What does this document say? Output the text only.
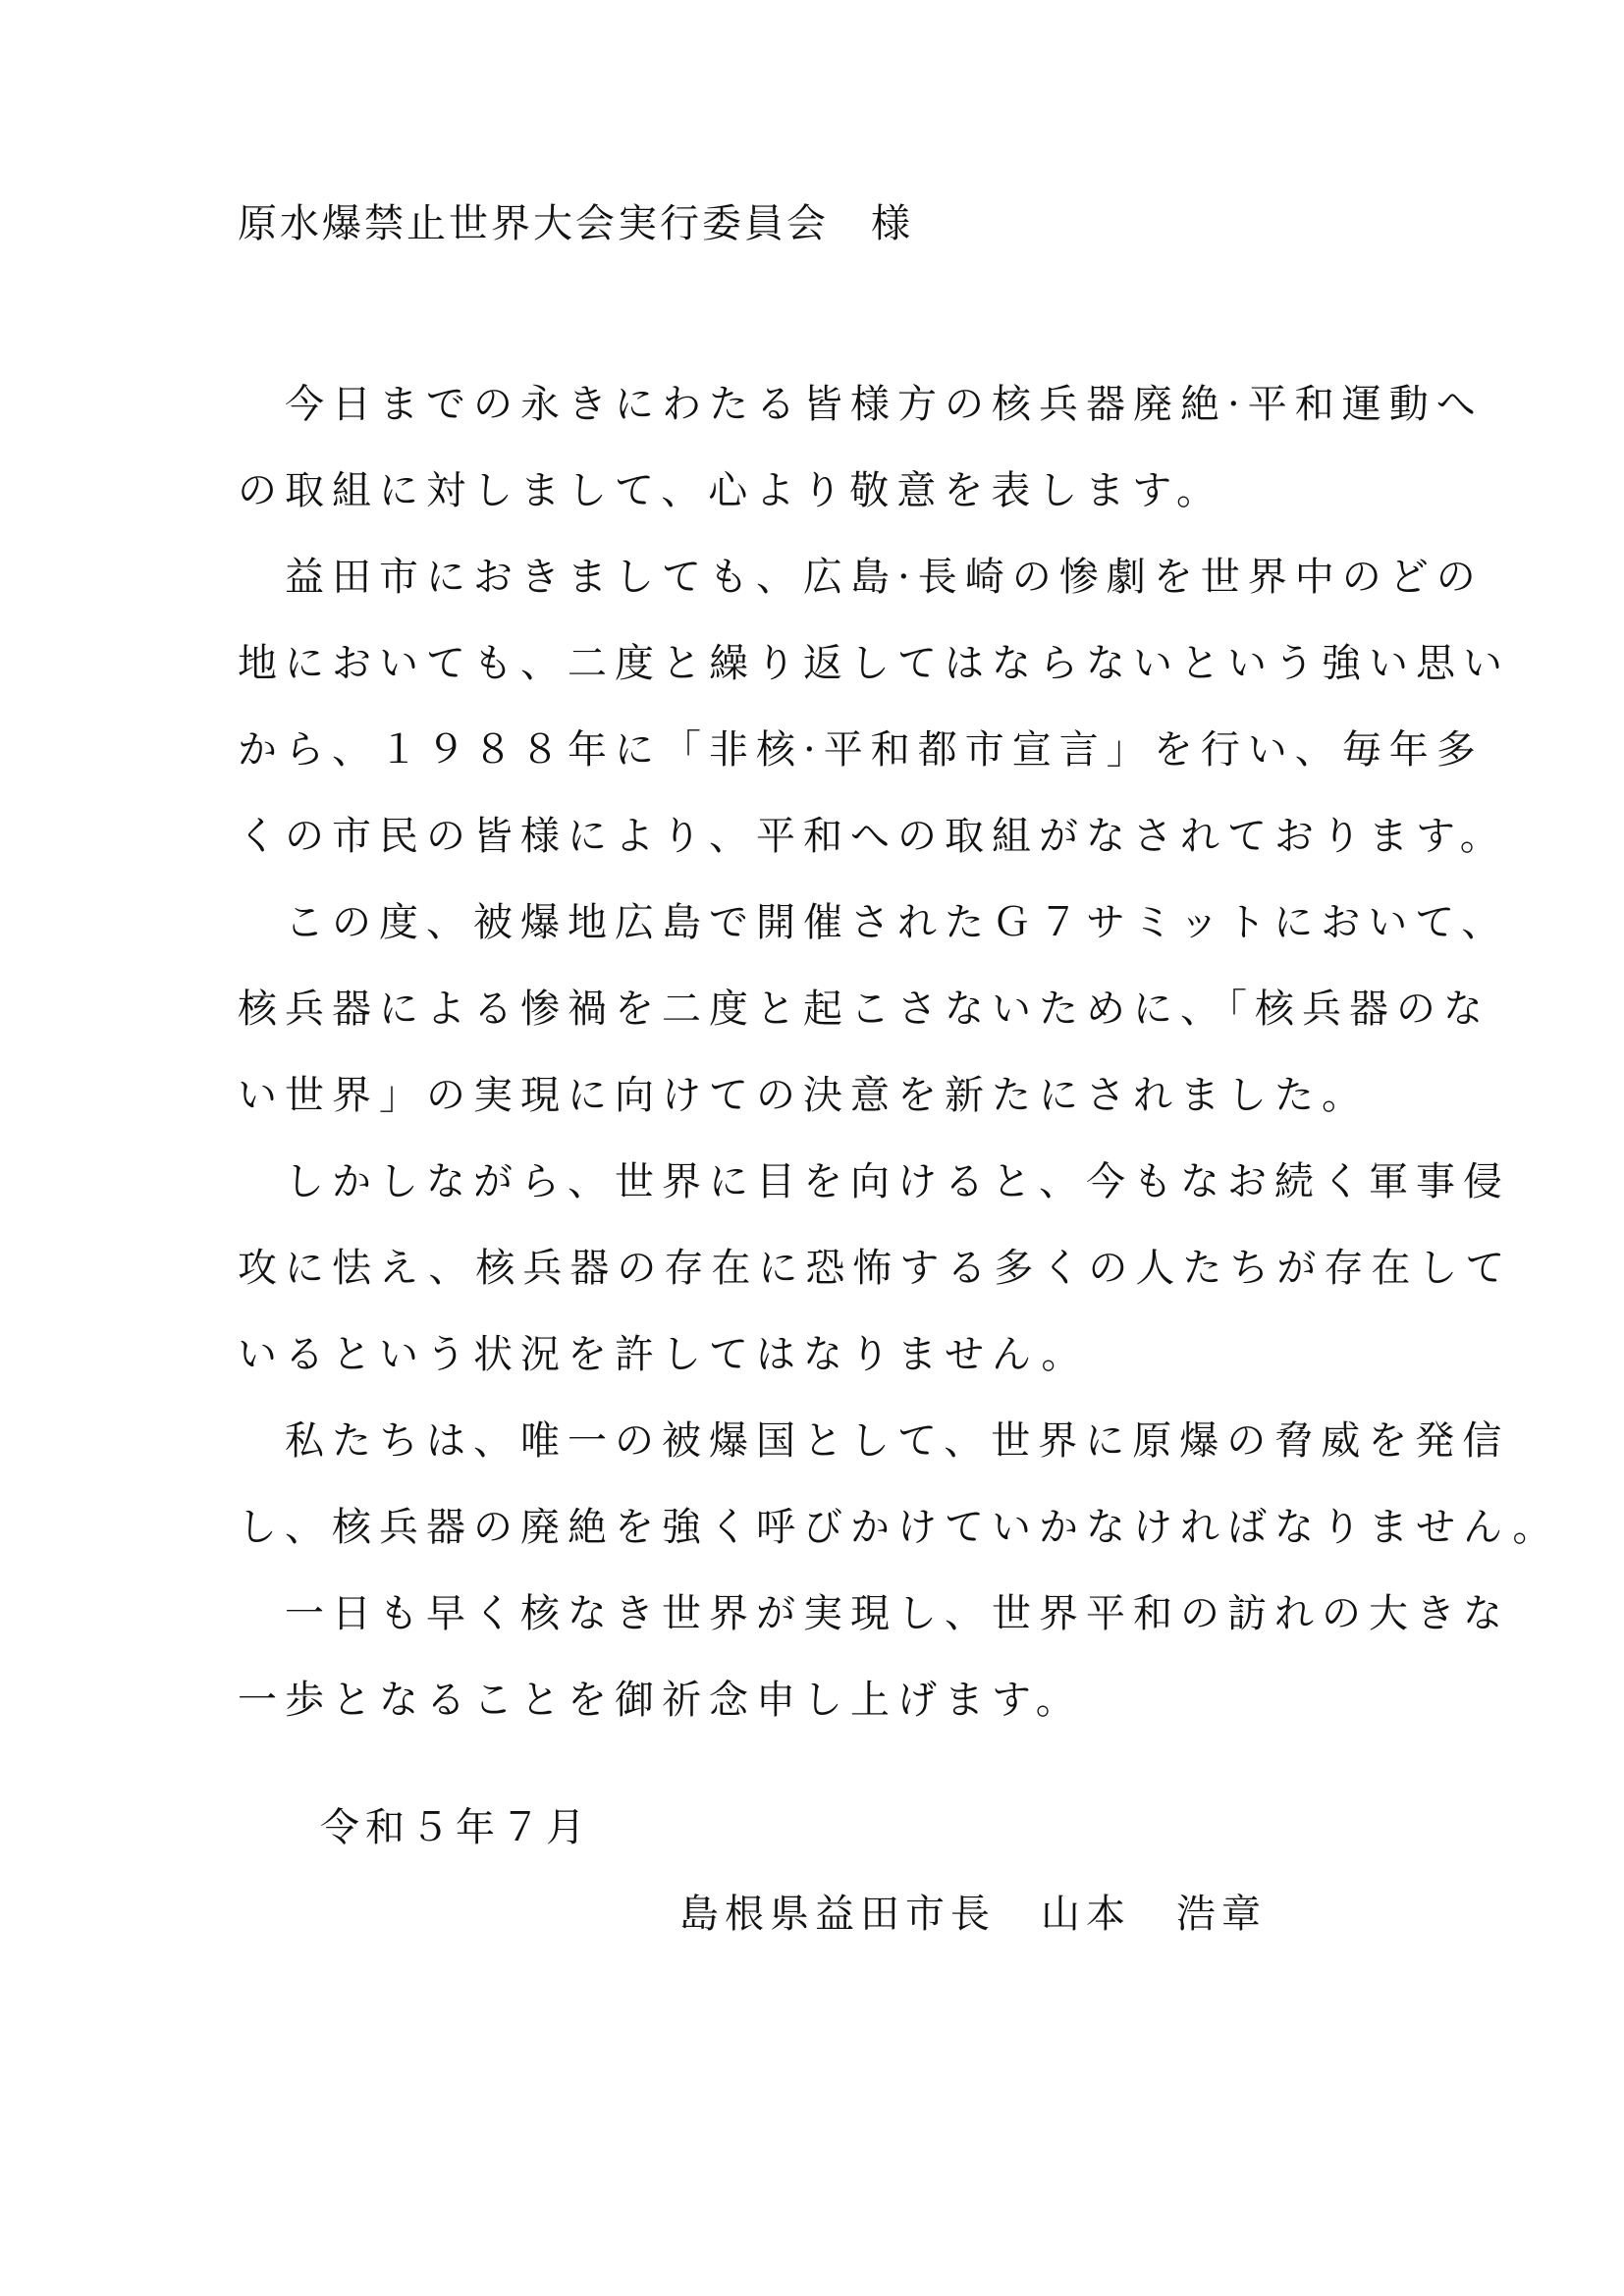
原水爆禁止世界大会実行委員会　様
　今日までの永きにわたる皆様方の核兵器廃絶·平和運動へ
の取組に対しまして、心より敬意を表します。
　益田市におきましても、広島·長崎の惨劇を世界中のどの
地においても、二度と繰り返してはならないという強い思い
から、１９８８年に「非核·平和都市宣言」を行い、毎年多
くの市民の皆様により、平和への取組がなされております。
　この度、被爆地広島で開催されたＧ７サミットにおいて、
核兵器による惨禍を二度と起こさないために、「核兵器のな
い世界」の実現に向けての決意を新たにされました。
　しかしながら、世界に目を向けると、今もなお続く軍事侵
攻に怯え、核兵器の存在に恐怖する多くの人たちが存在して
いるという状況を許してはなりません。
　私たちは、唯一の被爆国として、世界に原爆の脅威を発信
し、核兵器の廃絶を強く呼びかけていかなければなりません。
　一日も早く核なき世界が実現し、世界平和の訪れの大きな
一歩となることを御祈念申し上げます。
令和５年７月
島根県益田市長　山本　浩章
